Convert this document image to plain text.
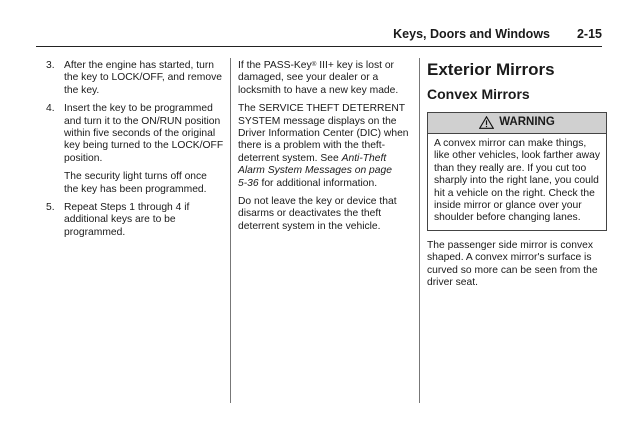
Keys, Doors and Windows 2-15
3. After the engine has started, turn the key to LOCK/OFF, and remove the key.

4. Insert the key to be programmed and turn it to the ON/RUN position within five seconds of the original key being turned to the LOCK/OFF position.

The security light turns off once the key has been programmed.

5. Repeat Steps 1 through 4 if additional keys are to be programmed.

If the PASS-Key® III+ key is lost or damaged, see your dealer or a locksmith to have a new key made.

The SERVICE THEFT DETERRENT SYSTEM message displays on the Driver Information Center (DIC) when there is a problem with the theft-deterrent system. See Anti-Theft Alarm System Messages on page 5‑36 for additional information.

Do not leave the key or device that disarms or deactivates the theft deterrent system in the vehicle.

Exterior Mirrors
Convex Mirrors
WARNING
A convex mirror can make things, like other vehicles, look farther away than they really are. If you cut too sharply into the right lane, you could hit a vehicle on the right. Check the inside mirror or glance over your shoulder before changing lanes.

The passenger side mirror is convex shaped. A convex mirror's surface is curved so more can be seen from the driver seat.
